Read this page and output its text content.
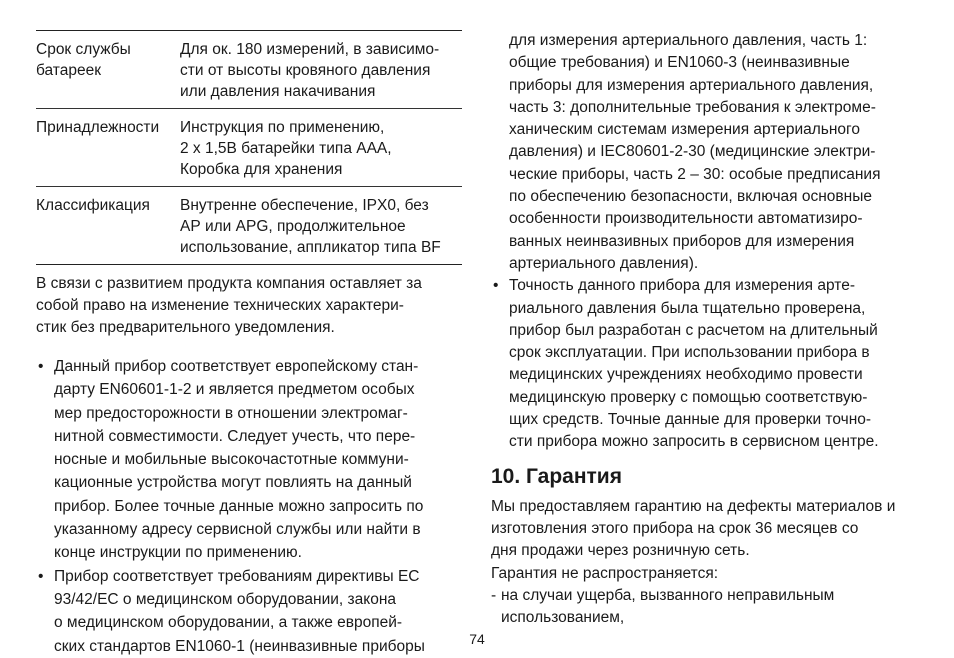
Срок службы
батареек	Для ок. 180 измерений, в зависимо-
сти от высоты кровяного давления
или давления накачивания

Принадлежности	Инструкция по применению,
2 x 1,5В батарейки типа ААА,
Коробка для хранения

Классификация	Внутренне обеспечение, IPX0, без
АР или APG, продолжительное
использование, аппликатор типа BF
В связи с развитием продукта компания оставляет за
собой право на изменение технических характери-
стик без предварительного уведомления.
• Данный прибор соответствует европейскому стан-
дарту EN60601-1-2 и является предметом особых
мер предосторожности в отношении электромаг-
нитной совместимости. Следует учесть, что пере-
носные и мобильные высокочастотные коммуни-
кационные устройства могут повлиять на данный
прибор. Более точные данные можно запросить по
указанному адресу сервисной службы или найти в
конце инструкции по применению.
• Прибор соответствует требованиям директивы ЕС
93/42/ЕС о медицинском оборудовании, закона
о медицинском оборудовании, а также европей-
ских стандартов EN1060-1 (неинвазивные приборы
для измерения артериального давления, часть 1:
общие требования) и EN1060-3 (неинвазивные
приборы для измерения артериального давления,
часть 3: дополнительные требования к электроме-
ханическим системам измерения артериального
давления) и IEC80601-2-30 (медицинские электри-
ческие приборы, часть 2 – 30: особые предписания
по обеспечению безопасности, включая основные
особенности производительности автоматизиро-
ванных неинвазивных приборов для измерения
артериального давления).
• Точность данного прибора для измерения арте-
риального давления была тщательно проверена,
прибор был разработан с расчетом на длительный
срок эксплуатации. При использовании прибора в
медицинских учреждениях необходимо провести
медицинскую проверку с помощью соответствую-
щих средств. Точные данные для проверки точно-
сти прибора можно запросить в сервисном центре.
10. Гарантия
Мы предоставляем гарантию на дефекты материалов и
изготовления этого прибора на срок 36 месяцев со
дня продажи через розничную сеть.
Гарантия не распространяется:
- на случаи ущерба, вызванного неправильным
использованием,
74
